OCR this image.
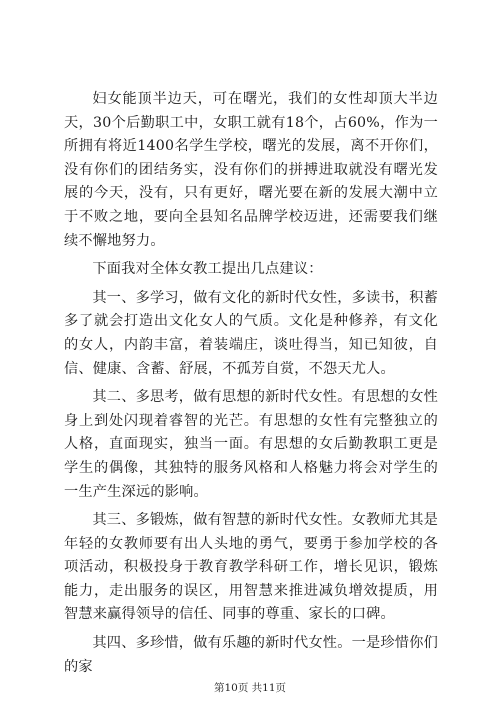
妇女能顶半边天，可在曙光，我们的女性却顶大半边天，30个后勤职工中，女职工就有18个，占60%，作为一所拥有将近1400名学生学校，曙光的发展，离不开你们，没有你们的团结务实，没有你们的拼搏进取就没有曙光发展的今天，没有，只有更好，曙光要在新的发展大潮中立于不败之地，要向全县知名品牌学校迈进，还需要我们继续不懈地努力。

下面我对全体女教工提出几点建议：

其一、多学习，做有文化的新时代女性，多读书，积蓄多了就会打造出文化女人的气质。文化是种修养，有文化的女人，内韵丰富，着装端庄，谈吐得当，知已知彼，自信、健康、含蓄、舒展，不孤芳自赏，不怨天尤人。

其二、多思考，做有思想的新时代女性。有思想的女性身上到处闪现着睿智的光芒。有思想的女性有完整独立的人格，直面现实，独当一面。有思想的女后勤教职工更是学生的偶像，其独特的服务风格和人格魅力将会对学生的一生产生深远的影响。

其三、多锻炼，做有智慧的新时代女性。女教师尤其是年轻的女教师要有出人头地的勇气，要勇于参加学校的各项活动，积极投身于教育教学科研工作，增长见识，锻炼能力，走出服务的误区，用智慧来推进减负增效提质，用智慧来赢得领导的信任、同事的尊重、家长的口碑。

其四、多珍惜，做有乐趣的新时代女性。一是珍惜你们的家

第10页 共11页
